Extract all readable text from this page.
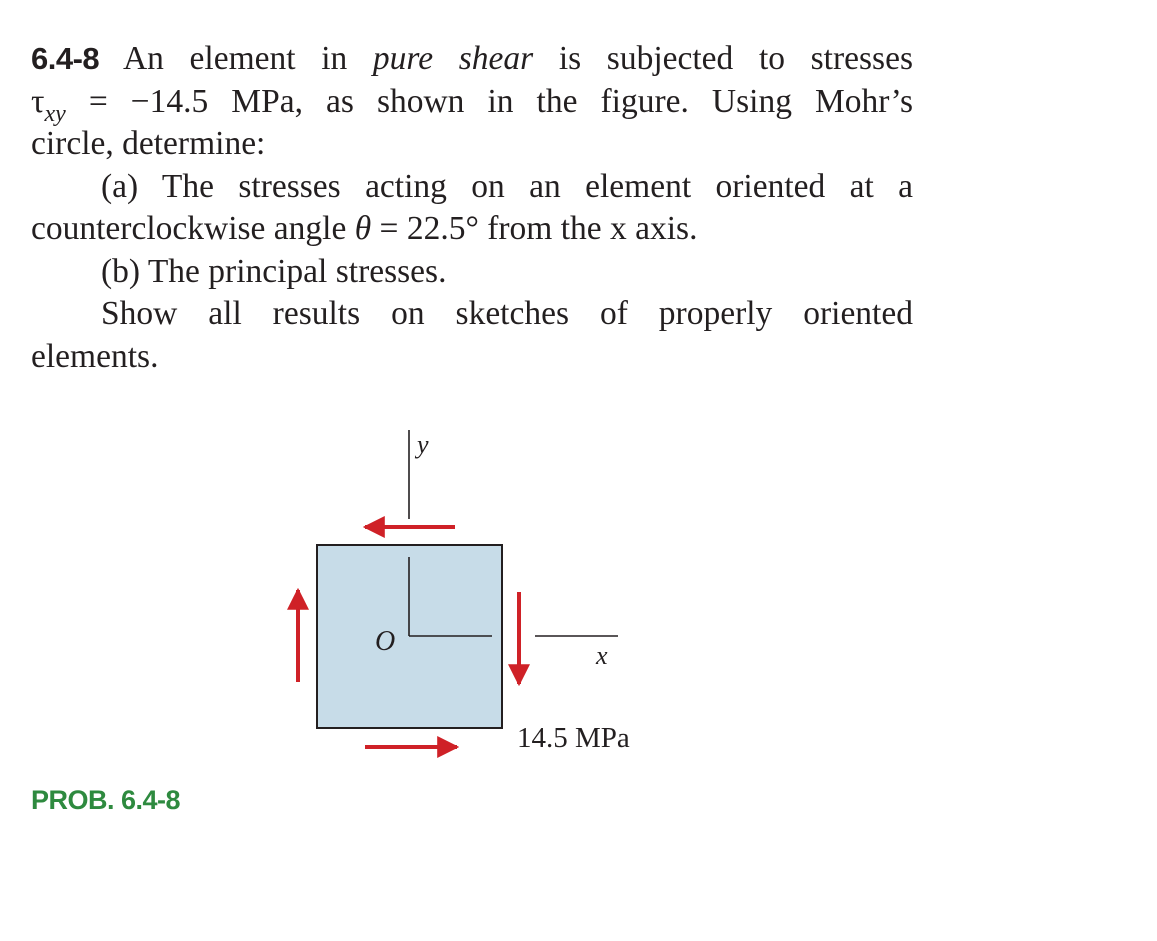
6.4-8 An element in pure shear is subjected to stresses
$\tau_{xy} = -14.5$ MPa, as shown in the figure. Using Mohr’s
circle, determine:
(a) The stresses acting on an element oriented at a
counterclockwise angle θ = 22.5° from the x axis.
(b) The principal stresses.
Show all results on sketches of properly oriented
elements.
y
O	x
14.5 MPa
PROB. 6.4-8
